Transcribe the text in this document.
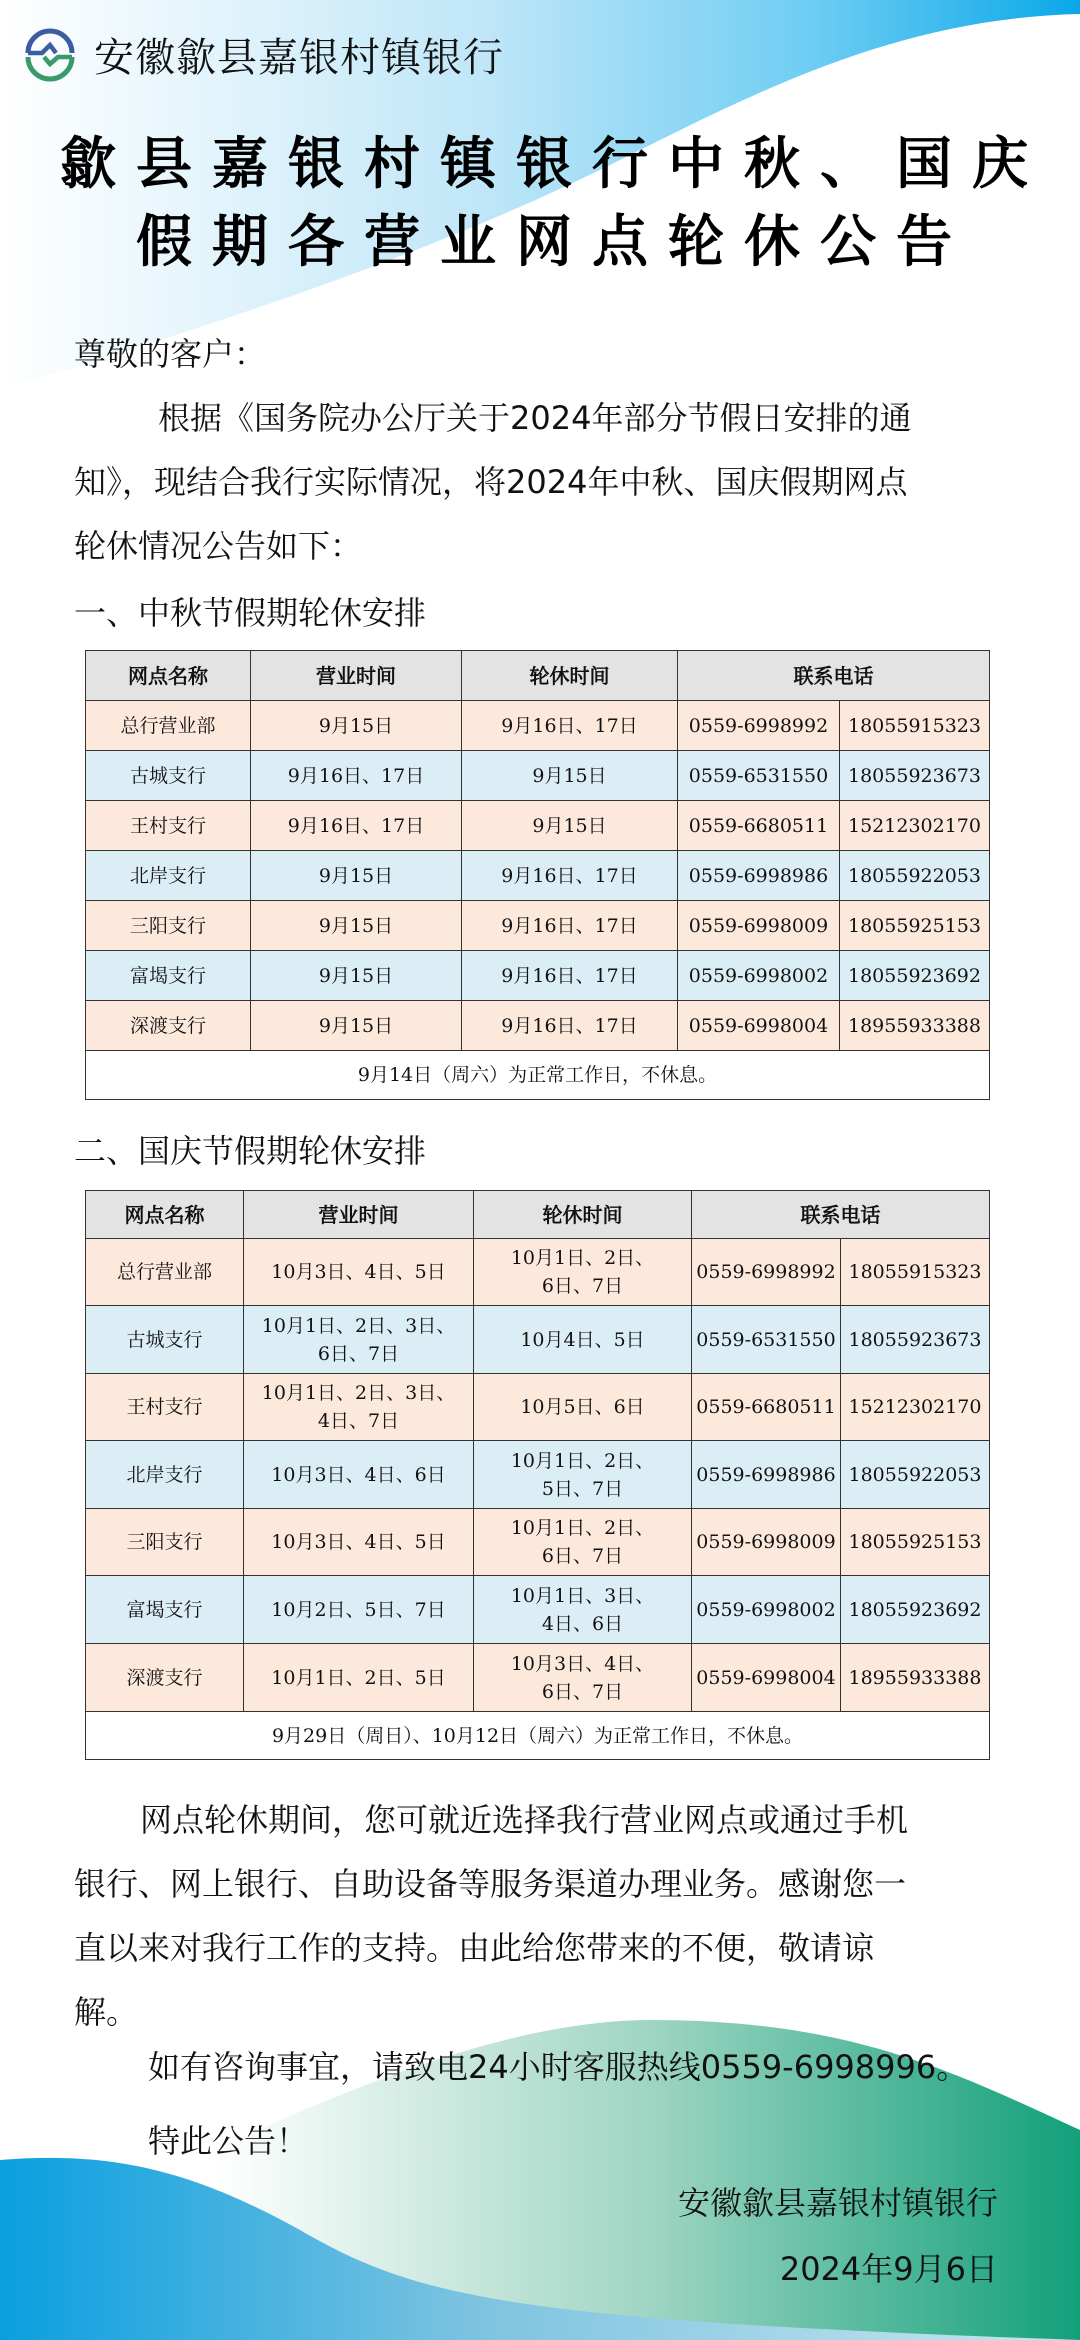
安徽歙县嘉银村镇银行
歙县嘉银村镇银行中秋、国庆
假期各营业网点轮休公告
尊敬的客户：
根据《国务院办公厅关于2024年部分节假日安排的通
知》，现结合我行实际情况，将2024年中秋、国庆假期网点
轮休情况公告如下：
一、中秋节假期轮休安排
网点名称	营业时间	轮休时间	联系电话	
总行营业部	9月15日	9月16日、17日	0559-6998992	18055915323
古城支行	9月16日、17日	9月15日	0559-6531550	18055923673
王村支行	9月16日、17日	9月15日	0559-6680511	15212302170
北岸支行	9月15日	9月16日、17日	0559-6998986	18055922053
三阳支行	9月15日	9月16日、17日	0559-6998009	18055925153
富堨支行	9月15日	9月16日、17日	0559-6998002	18055923692
深渡支行	9月15日	9月16日、17日	0559-6998004	18955933388
9月14日（周六）为正常工作日，不休息。				
二、国庆节假期轮休安排
网点名称	营业时间	轮休时间	联系电话	
总行营业部	10月3日、4日、5日	10月1日、2日、
6日、7日	0559-6998992	18055915323
古城支行	10月1日、2日、3日、
6日、7日	10月4日、5日	0559-6531550	18055923673
王村支行	10月1日、2日、3日、
4日、7日	10月5日、6日	0559-6680511	15212302170
北岸支行	10月3日、4日、6日	10月1日、2日、
5日、7日	0559-6998986	18055922053
三阳支行	10月3日、4日、5日	10月1日、2日、
6日、7日	0559-6998009	18055925153
富堨支行	10月2日、5日、7日	10月1日、3日、
4日、6日	0559-6998002	18055923692
深渡支行	10月1日、2日、5日	10月3日、4日、
6日、7日	0559-6998004	18955933388
9月29日（周日）、10月12日（周六）为正常工作日，不休息。				
网点轮休期间，您可就近选择我行营业网点或通过手机
银行、网上银行、自助设备等服务渠道办理业务。感谢您一
直以来对我行工作的支持。由此给您带来的不便，敬请谅
解。
如有咨询事宜，请致电24小时客服热线0559-6998996。
特此公告！
安徽歙县嘉银村镇银行
2024年9月6日
